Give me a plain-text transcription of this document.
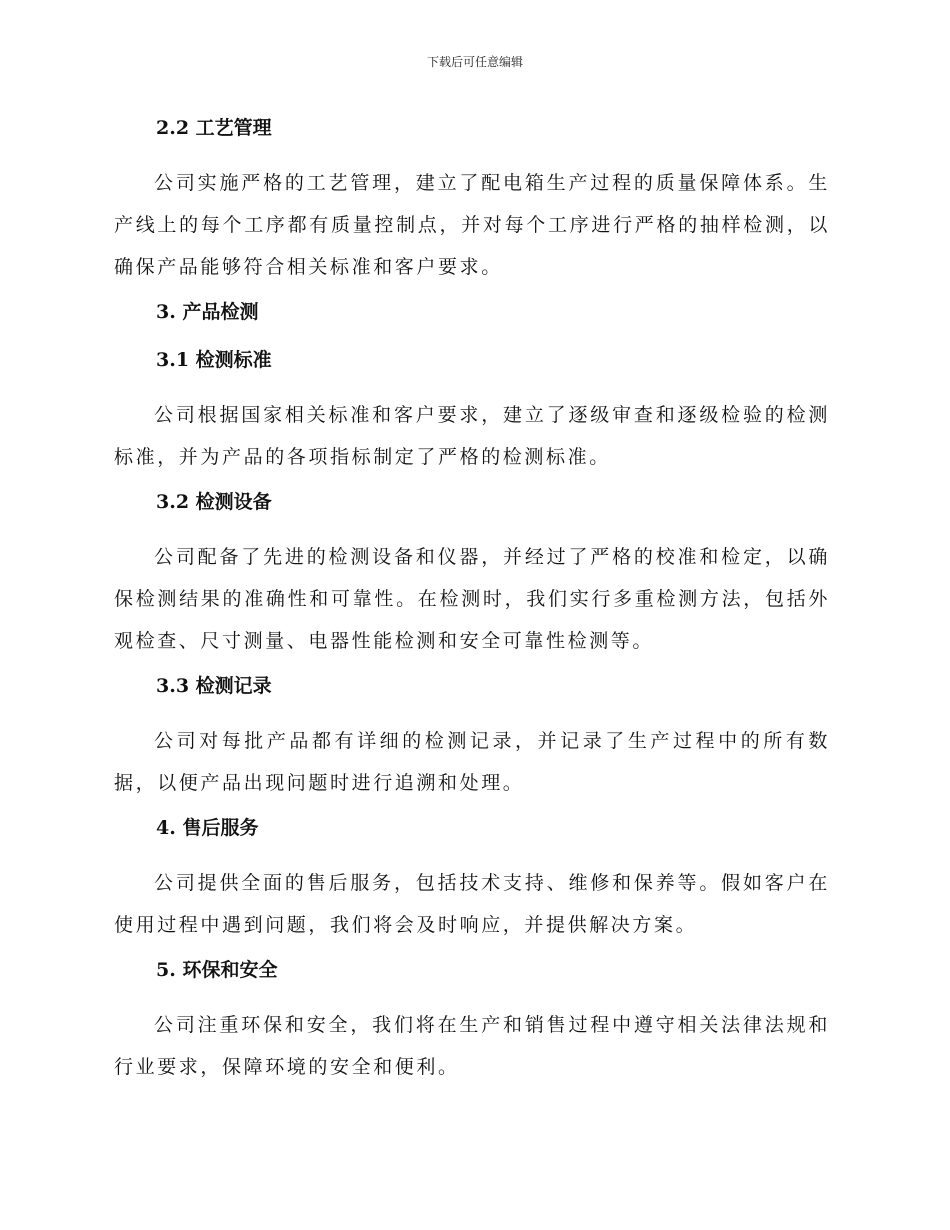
下载后可任意编辑
2.2 工艺管理

公司实施严格的工艺管理，建立了配电箱生产过程的质量保障体系。生产线上的每个工序都有质量控制点，并对每个工序进行严格的抽样检测，以确保产品能够符合相关标准和客户要求。

3. 产品检测
3.1 检测标准

公司根据国家相关标准和客户要求，建立了逐级审查和逐级检验的检测标准，并为产品的各项指标制定了严格的检测标准。

3.2 检测设备

公司配备了先进的检测设备和仪器，并经过了严格的校准和检定，以确保检测结果的准确性和可靠性。在检测时，我们实行多重检测方法，包括外观检查、尺寸测量、电器性能检测和安全可靠性检测等。

3.3 检测记录

公司对每批产品都有详细的检测记录，并记录了生产过程中的所有数据，以便产品出现问题时进行追溯和处理。

4. 售后服务

公司提供全面的售后服务，包括技术支持、维修和保养等。假如客户在使用过程中遇到问题，我们将会及时响应，并提供解决方案。

5. 环保和安全

公司注重环保和安全，我们将在生产和销售过程中遵守相关法律法规和行业要求，保障环境的安全和便利。
